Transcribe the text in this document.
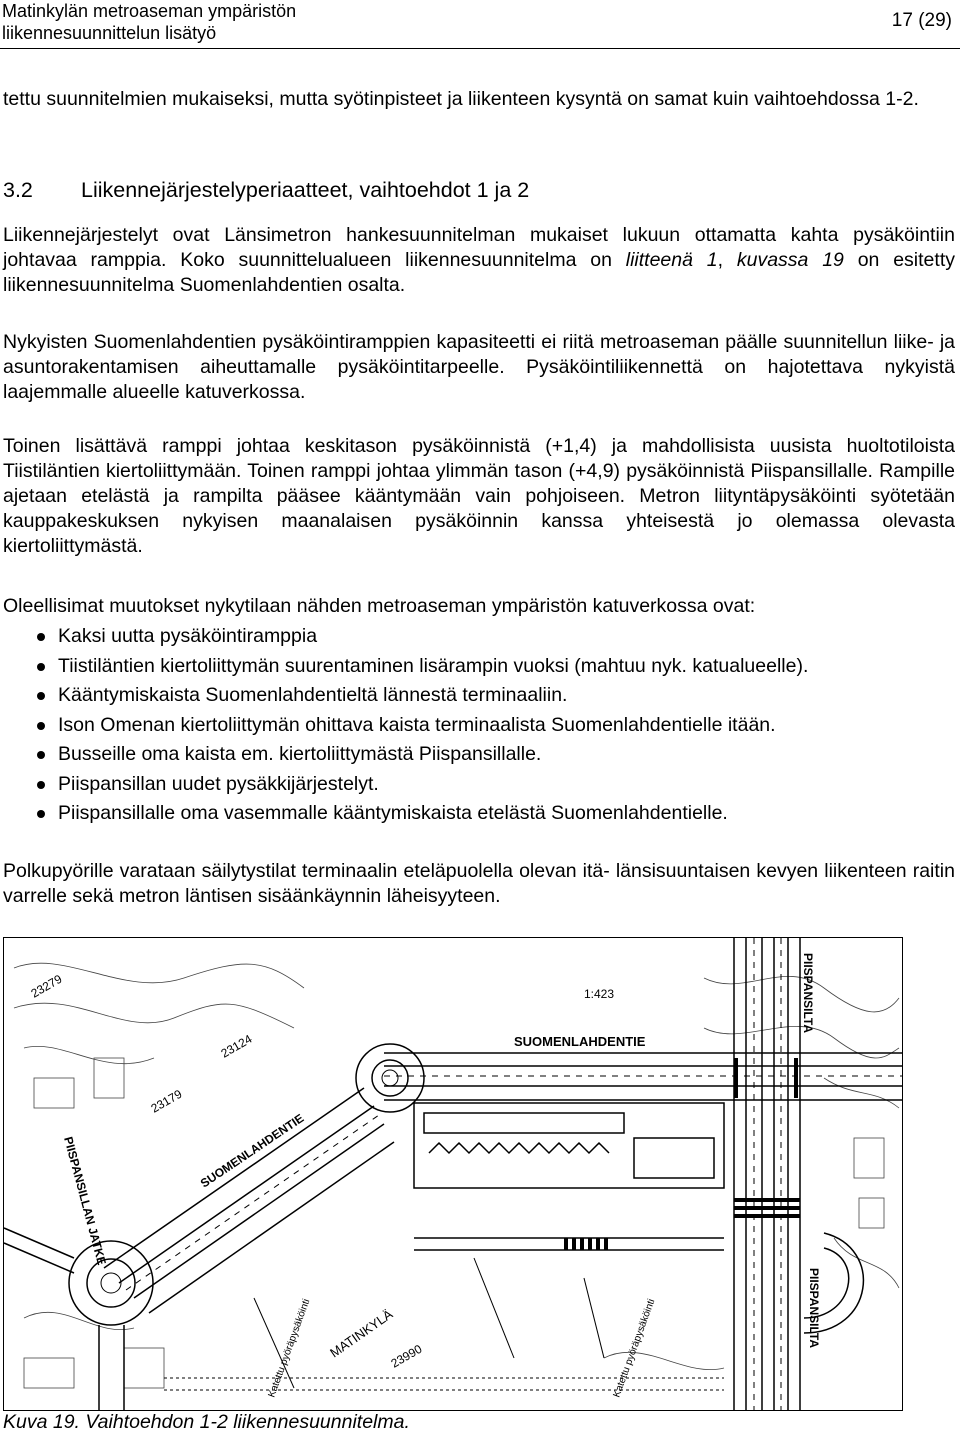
Matinkylän metroaseman ympäristön
liikennesuunnittelun lisätyö
17 (29)
tettu suunnitelmien mukaiseksi, mutta syötinpisteet ja liikenteen kysyntä on samat kuin vaihtoehdossa 1-2.
3.2 Liikennejärjestelyperiaatteet, vaihtoehdot 1 ja 2
Liikennejärjestelyt ovat Länsimetron hankesuunnitelman mukaiset lukuun ottamatta kahta pysäköintiin johtavaa ramppia. Koko suunnittelualueen liikennesuunnitelma on liitteenä 1, kuvassa 19 on esitetty liikennesuunnitelma Suomenlahdentien osalta.
Nykyisten Suomenlahdentien pysäköintiramppien kapasiteetti ei riitä metroaseman päälle suunnitellun liike- ja asuntorakentamisen aiheuttamalle pysäköintitarpeelle. Pysäköintiliikennettä on hajotettava nykyistä laajemmalle alueelle katuverkossa.
Toinen lisättävä ramppi johtaa keskitason pysäköinnistä (+1,4) ja mahdollisista uusista huoltotiloista Tiistiläntien kiertoliittymään. Toinen ramppi johtaa ylimmän tason (+4,9) pysäköinnistä Piispansillalle. Rampille ajetaan etelästä ja rampilta pääsee kääntymään vain pohjoiseen. Metron liityntäpysäköinti syötetään kauppakeskuksen nykyisen maanalaisen pysäköinnin kanssa yhteisestä jo olemassa olevasta kiertoliittymästä.
Oleellisimat muutokset nykytilaan nähden metroaseman ympäristön katuverkossa ovat:
Kaksi uutta pysäköintiramppia
Tiistiläntien kiertoliittymän suurentaminen lisärampin vuoksi (mahtuu nyk. katualueelle).
Kääntymiskaista Suomenlahdentieltä lännestä terminaaliin.
Ison Omenan kiertoliittymän ohittava kaista terminaalista Suomenlahdentielle itään.
Busseille oma kaista em. kiertoliittymästä Piispansillalle.
Piispansillan uudet pysäkkijärjestelyt.
Piispansillalle oma vasemmalle kääntymiskaista etelästä Suomenlahdentielle.
Polkupyörille varataan säilytystilat terminaalin eteläpuolella olevan itä- länsisuuntaisen kevyen liikenteen raitin varrelle sekä metron läntisen sisäänkäynnin läheisyyteen.
SUOMENLAHDENTIE
SUOMENLAHDENTIE
PIISPANSILTA
PIISPANSILTA
PIISPANSILLAN JATKE
MATINKYLÄ
23279
23179
23124
23990
1:423
Katettu pyöräpysäköinti	Katettu pyöräpysäköinti
Kuva 19. Vaihtoehdon 1-2 liikennesuunnitelma.
